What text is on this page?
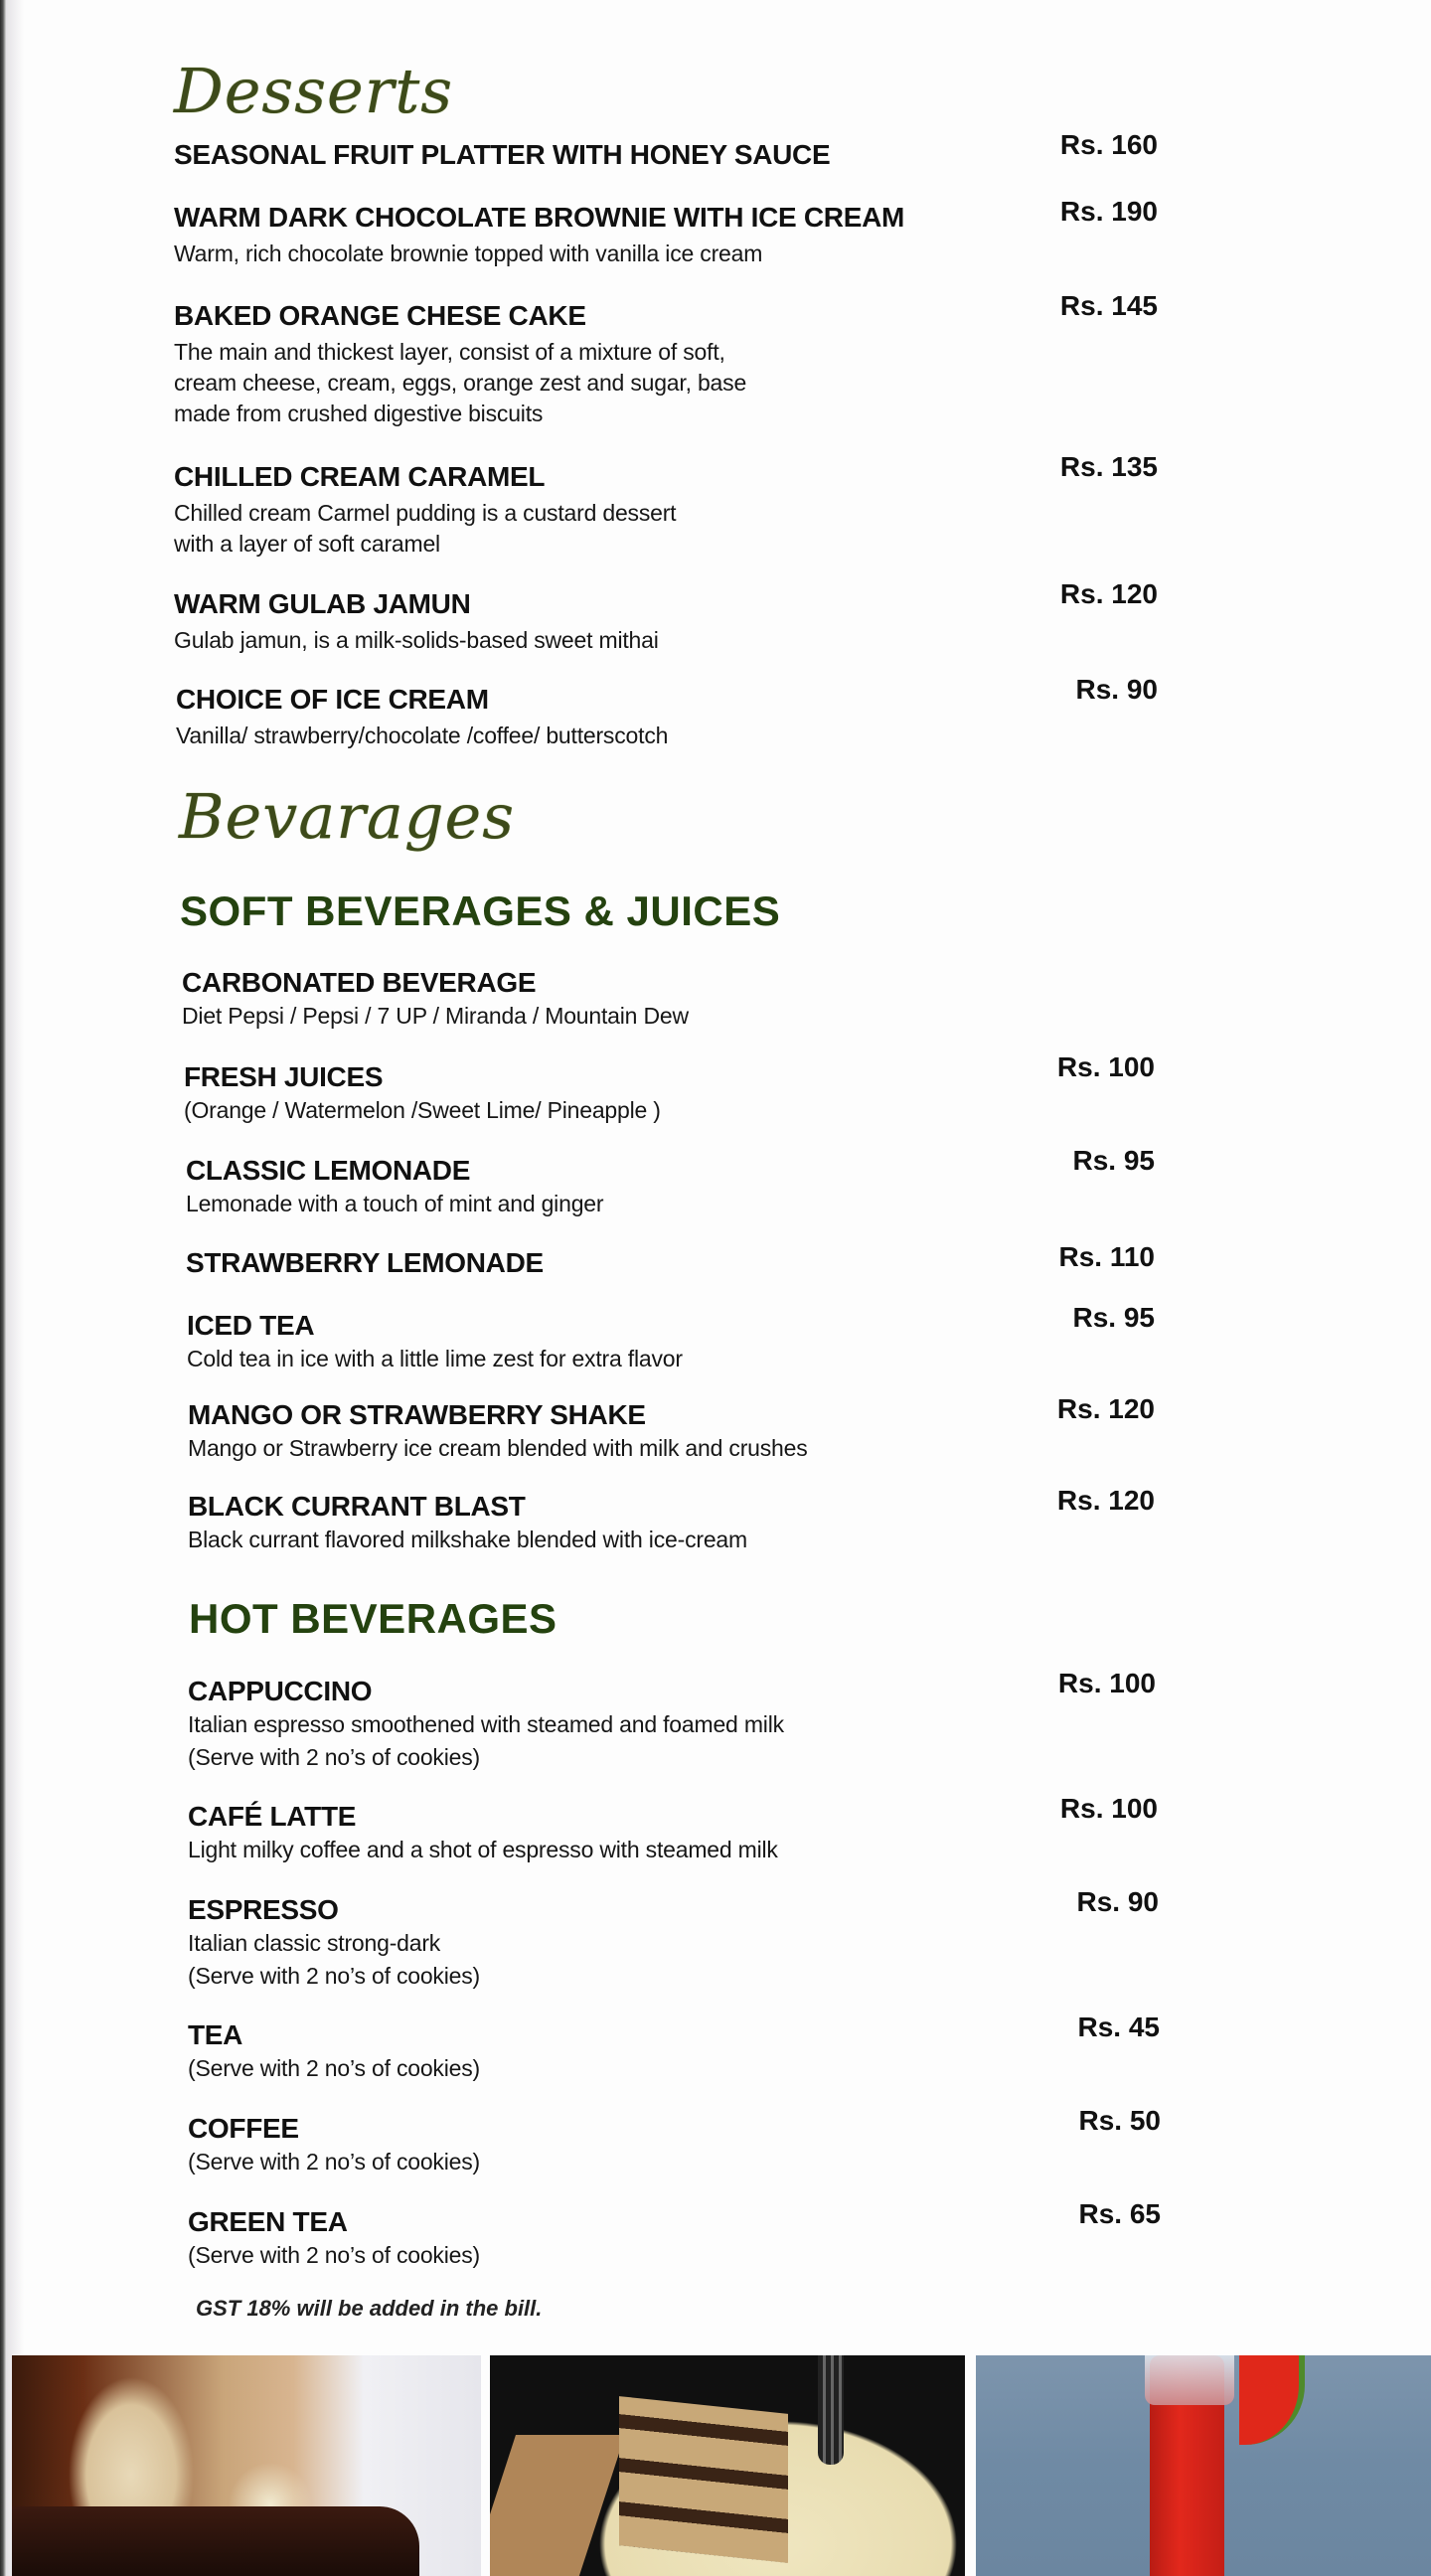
Desserts
SEASONAL FRUIT PLATTER WITH HONEY SAUCE	Rs. 160
WARM DARK CHOCOLATE BROWNIE WITH ICE CREAM	Rs. 190
Warm, rich chocolate brownie topped with vanilla ice cream
BAKED ORANGE CHESE CAKE	Rs. 145
The main and thickest layer, consist of a mixture of soft,
cream cheese, cream, eggs, orange zest and sugar, base
made from crushed digestive biscuits
CHILLED CREAM CARAMEL	Rs. 135
Chilled cream Carmel pudding is a custard dessert
with a layer of soft caramel
WARM GULAB JAMUN	Rs. 120
Gulab jamun, is a milk-solids-based sweet mithai
CHOICE OF ICE CREAM	Rs. 90
Vanilla/ strawberry/chocolate /coffee/ butterscotch
Bevarages
SOFT BEVERAGES & JUICES
CARBONATED BEVERAGE
Diet Pepsi / Pepsi / 7 UP / Miranda / Mountain Dew
FRESH JUICES	Rs. 100
(Orange / Watermelon /Sweet Lime/ Pineapple )
CLASSIC LEMONADE	Rs. 95
Lemonade with a touch of mint and ginger
STRAWBERRY LEMONADE	Rs. 110
ICED TEA	Rs. 95
Cold tea in ice with a little lime zest for extra flavor
MANGO OR STRAWBERRY SHAKE	Rs. 120
Mango or Strawberry ice cream blended with milk and crushes
BLACK CURRANT BLAST	Rs. 120
Black currant flavored milkshake blended with ice-cream
HOT BEVERAGES
CAPPUCCINO	Rs. 100
Italian espresso smoothened with steamed and foamed milk
(Serve with 2 no’s of cookies)
CAFÉ LATTE	Rs. 100
Light milky coffee and a shot of espresso with steamed milk
ESPRESSO	Rs. 90
Italian classic strong-dark
(Serve with 2 no’s of cookies)
TEA	Rs. 45
(Serve with 2 no’s of cookies)
COFFEE	Rs. 50
(Serve with 2 no’s of cookies)
GREEN TEA	Rs. 65
(Serve with 2 no’s of cookies)
GST 18% will be added in the bill.
